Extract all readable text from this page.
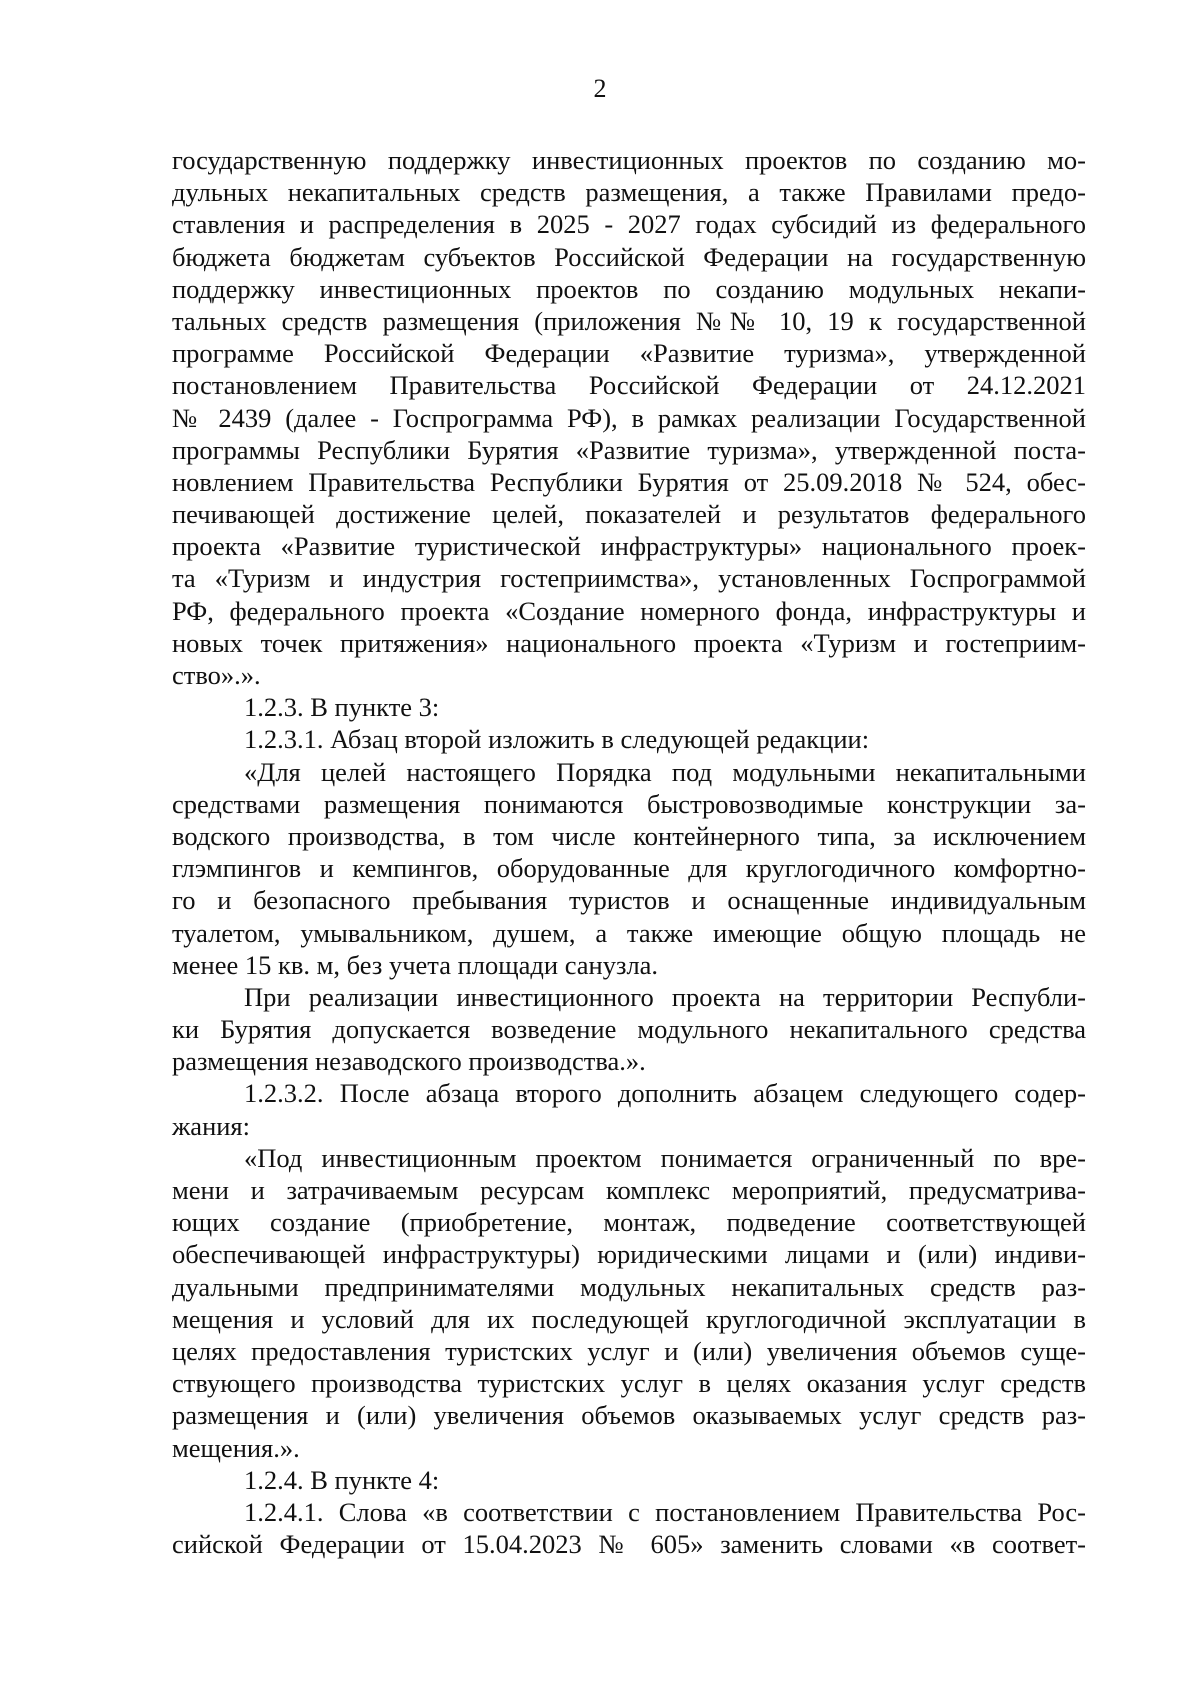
2
государственную поддержку инвестиционных проектов по созданию мо-
дульных некапитальных средств размещения, а также Правилами предо-
ставления и распределения в 2025 - 2027 годах субсидий из федерального
бюджета бюджетам субъектов Российской Федерации на государственную
поддержку инвестиционных проектов по созданию модульных некапи-
тальных средств размещения (приложения №№ 10, 19 к государственной
программе Российской Федерации «Развитие туризма», утвержденной
постановлением Правительства Российской Федерации от 24.12.2021
№ 2439 (далее - Госпрограмма РФ), в рамках реализации Государственной
программы Республики Бурятия «Развитие туризма», утвержденной поста-
новлением Правительства Республики Бурятия от 25.09.2018 № 524, обес-
печивающей достижение целей, показателей и результатов федерального
проекта «Развитие туристической инфраструктуры» национального проек-
та «Туризм и индустрия гостеприимства», установленных Госпрограммой
РФ, федерального проекта «Создание номерного фонда, инфраструктуры и
новых точек притяжения» национального проекта «Туризм и гостеприим-
ство».».
1.2.3. В пункте 3:
1.2.3.1. Абзац второй изложить в следующей редакции:
«Для целей настоящего Порядка под модульными некапитальными
средствами размещения понимаются быстровозводимые конструкции за-
водского производства, в том числе контейнерного типа, за исключением
глэмпингов и кемпингов, оборудованные для круглогодичного комфортно-
го и безопасного пребывания туристов и оснащенные индивидуальным
туалетом, умывальником, душем, а также имеющие общую площадь не
менее 15 кв. м, без учета площади санузла.
При реализации инвестиционного проекта на территории Республи-
ки Бурятия допускается возведение модульного некапитального средства
размещения незаводского производства.».
1.2.3.2. После абзаца второго дополнить абзацем следующего содер-
жания:
«Под инвестиционным проектом понимается ограниченный по вре-
мени и затрачиваемым ресурсам комплекс мероприятий, предусматрива-
ющих создание (приобретение, монтаж, подведение соответствующей
обеспечивающей инфраструктуры) юридическими лицами и (или) индиви-
дуальными предпринимателями модульных некапитальных средств раз-
мещения и условий для их последующей круглогодичной эксплуатации в
целях предоставления туристских услуг и (или) увеличения объемов суще-
ствующего производства туристских услуг в целях оказания услуг средств
размещения и (или) увеличения объемов оказываемых услуг средств раз-
мещения.».
1.2.4. В пункте 4:
1.2.4.1. Слова «в соответствии с постановлением Правительства Рос-
сийской Федерации от 15.04.2023 № 605» заменить словами «в соответ-
